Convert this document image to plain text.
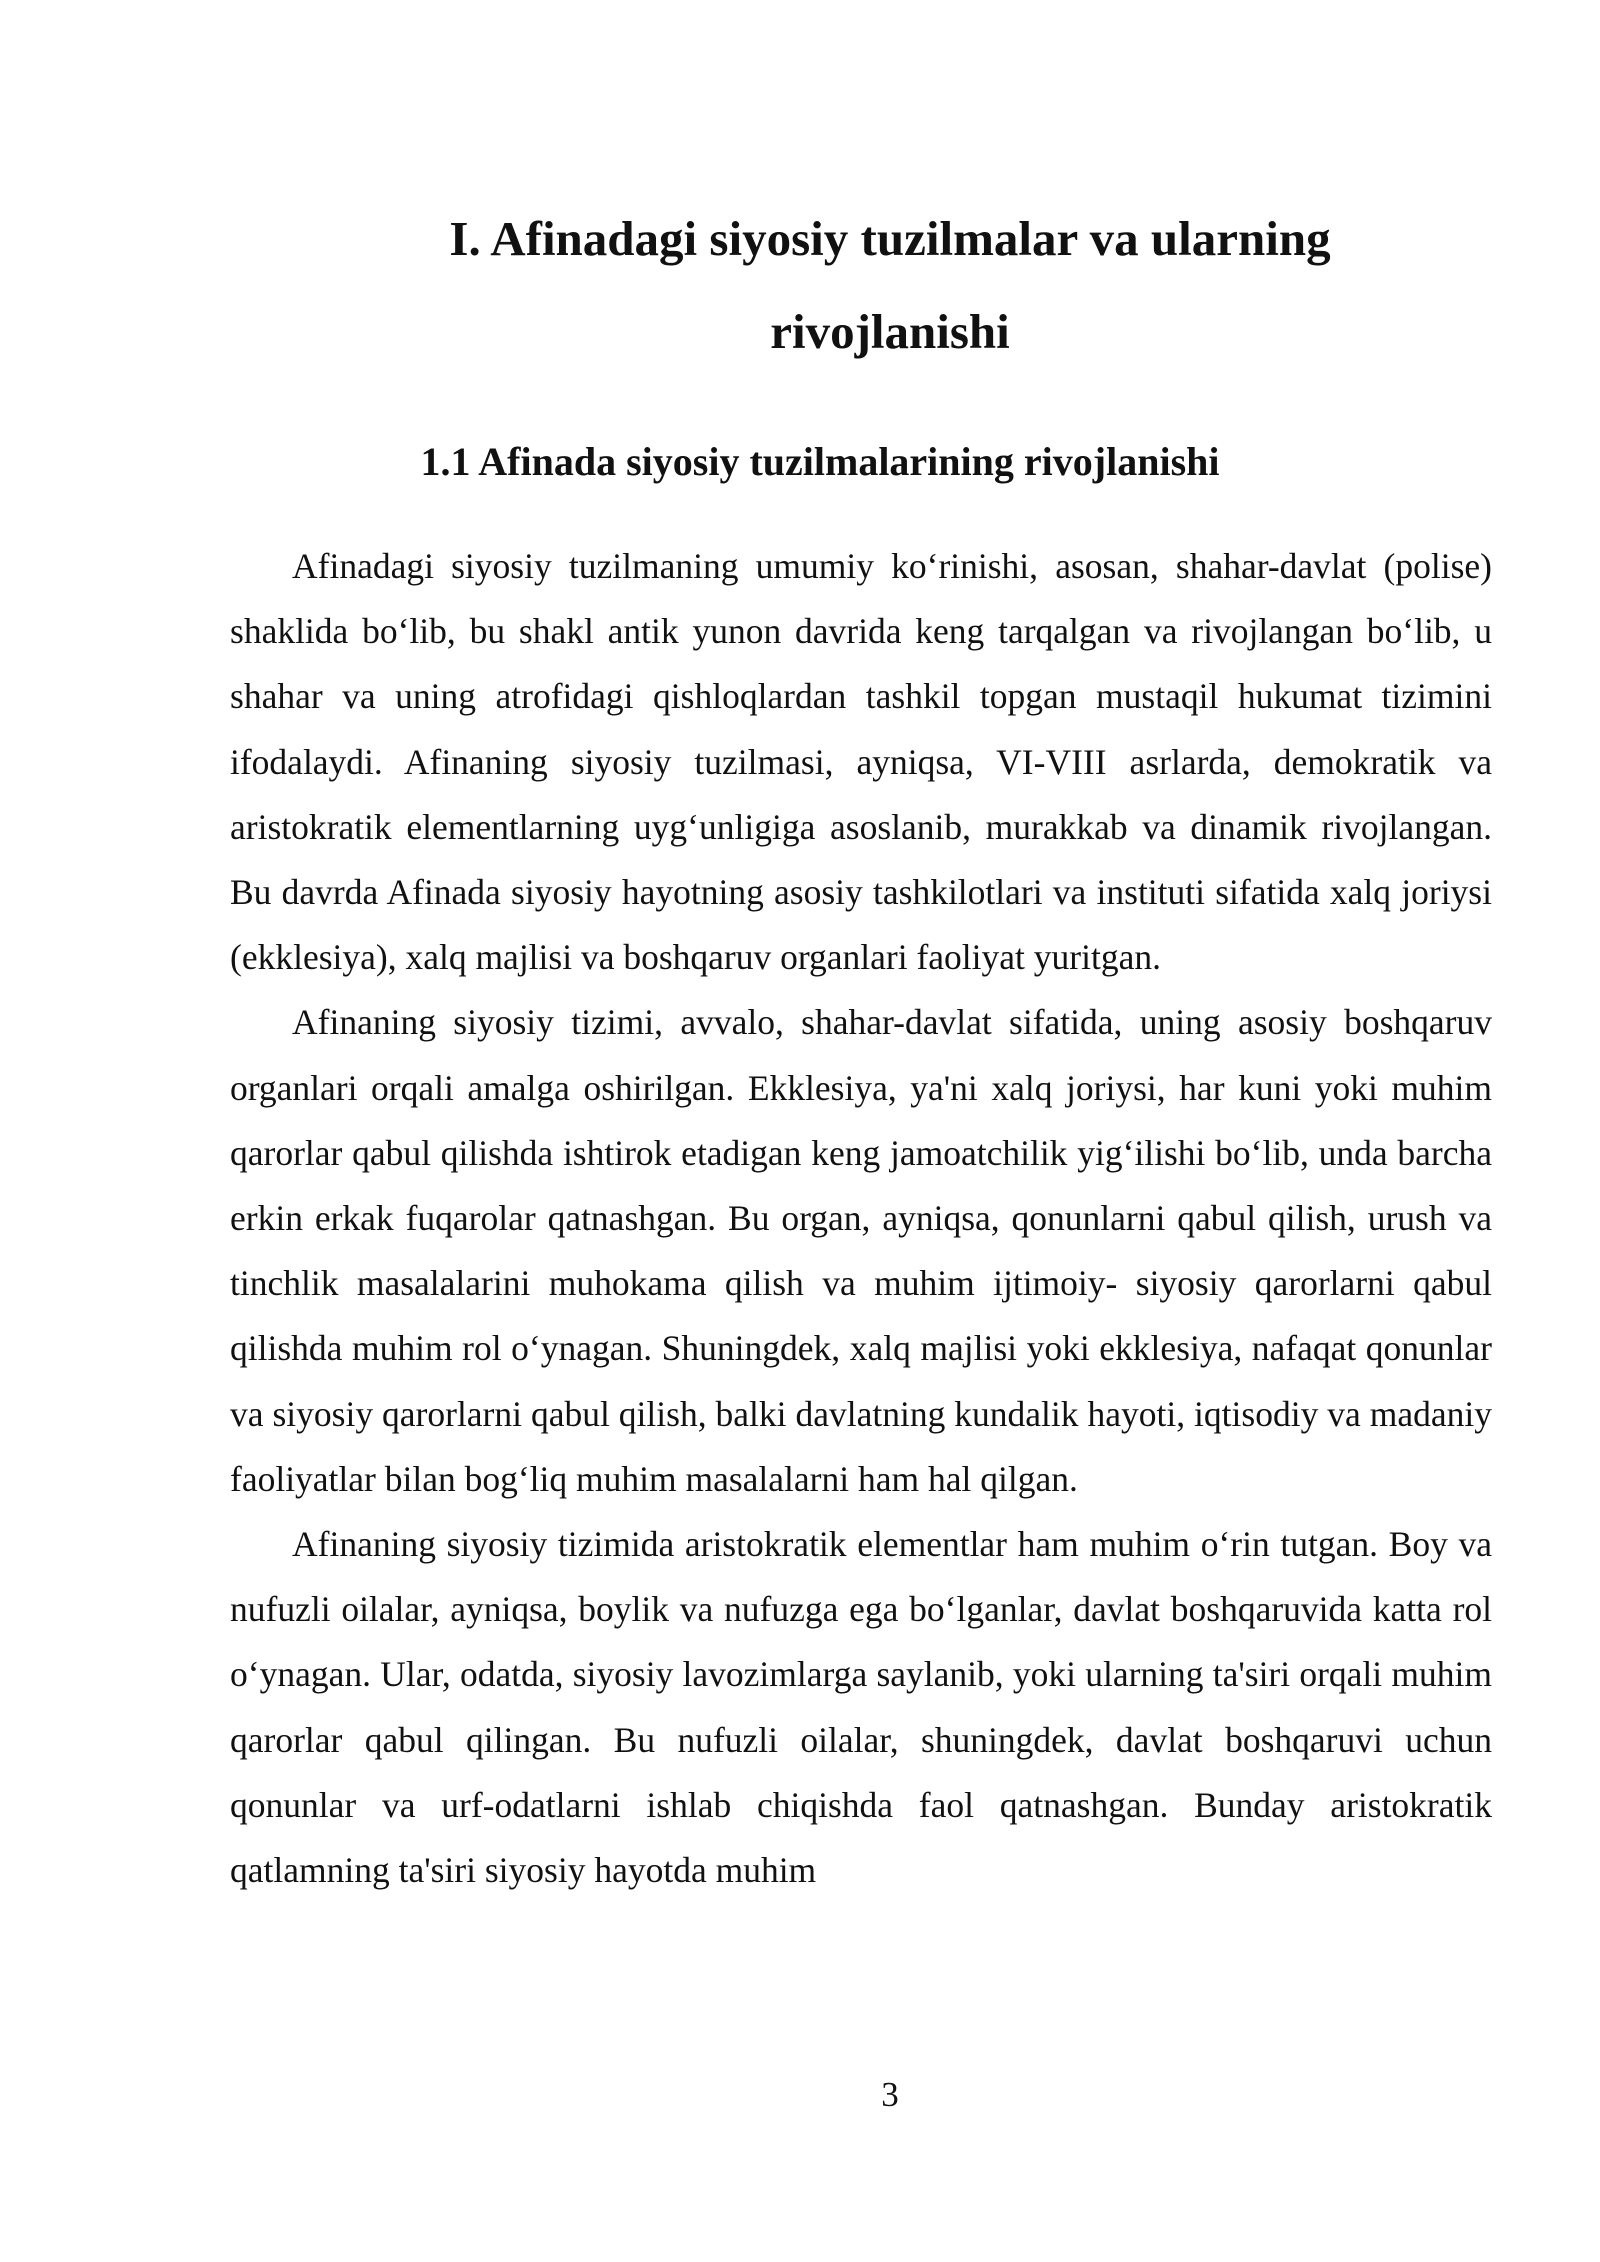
I. Afinadagi siyosiy tuzilmalar va ularning rivojlanishi
1.1 Afinada siyosiy tuzilmalarining rivojlanishi

Afinadagi siyosiy tuzilmaning umumiy koʻrinishi, asosan, shahar-davlat (polise) shaklida boʻlib, bu shakl antik yunon davrida keng tarqalgan va rivojlangan boʻlib, u shahar va uning atrofidagi qishloqlardan tashkil topgan mustaqil hukumat tizimini ifodalaydi. Afinaning siyosiy tuzilmasi, ayniqsa, VI-VIII asrlarda, demokratik va aristokratik elementlarning uygʻunligiga asoslanib, murakkab va dinamik rivojlangan. Bu davrda Afinada siyosiy hayotning asosiy tashkilotlari va instituti sifatida xalq joriysi (ekklesiya), xalq majlisi va boshqaruv organlari faoliyat yuritgan.

Afinaning siyosiy tizimi, avvalo, shahar-davlat sifatida, uning asosiy boshqaruv organlari orqali amalga oshirilgan. Ekklesiya, ya'ni xalq joriysi, har kuni yoki muhim qarorlar qabul qilishda ishtirok etadigan keng jamoatchilik yigʻilishi boʻlib, unda barcha erkin erkak fuqarolar qatnashgan. Bu organ, ayniqsa, qonunlarni qabul qilish, urush va tinchlik masalalarini muhokama qilish va muhim ijtimoiy- siyosiy qarorlarni qabul qilishda muhim rol oʻynagan. Shuningdek, xalq majlisi yoki ekklesiya, nafaqat qonunlar va siyosiy qarorlarni qabul qilish, balki davlatning kundalik hayoti, iqtisodiy va madaniy faoliyatlar bilan bogʻliq muhim masalalarni ham hal qilgan.

Afinaning siyosiy tizimida aristokratik elementlar ham muhim oʻrin tutgan. Boy va nufuzli oilalar, ayniqsa, boylik va nufuzga ega boʻlganlar, davlat boshqaruvida katta rol oʻynagan. Ular, odatda, siyosiy lavozimlarga saylanib, yoki ularning ta'siri orqali muhim qarorlar qabul qilingan. Bu nufuzli oilalar, shuningdek, davlat boshqaruvi uchun qonunlar va urf-odatlarni ishlab chiqishda faol qatnashgan. Bunday aristokratik qatlamning ta'siri siyosiy hayotda muhim

3
